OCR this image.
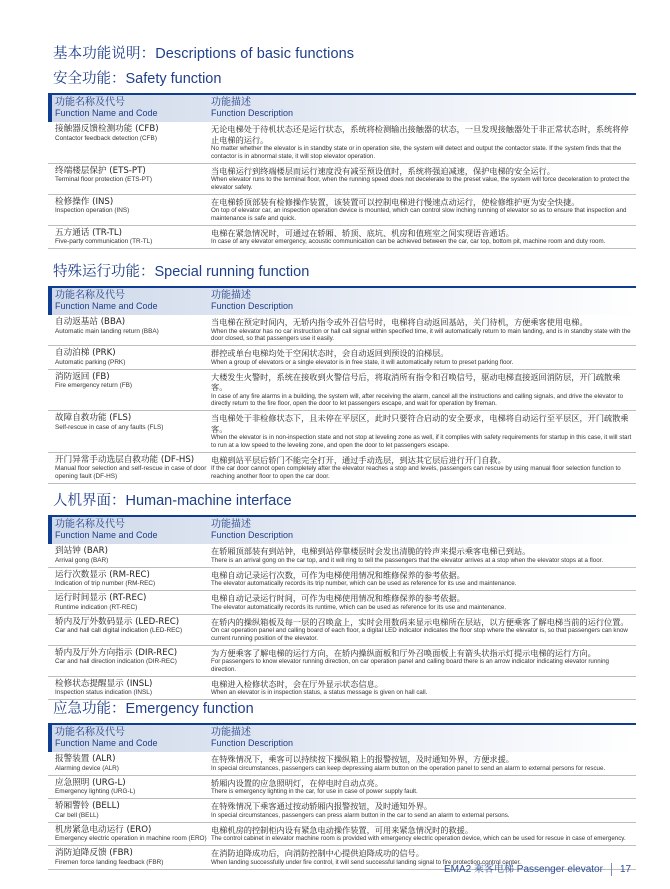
基本功能说明：Descriptions of basic functions
安全功能：Safety function
功能名称及代号
Function Name and Code
功能描述
Function Description
接触器反馈检测功能 (CFB)
Contactor feedback detection (CFB)
无论电梯处于待机状态还是运行状态，系统将检测输出接触器的状态，一旦发现接触器处于非正常状态时，系统将停止电梯的运行。
No matter whether the elevator is in standby state or in operation site, the system will detect and output the contactor state. If the system finds that the contactor is in abnormal state, it will stop elevator operation.
终端楼层保护 (ETS-PT)
Terminal floor protection (ETS-PT)
当电梯运行到终端楼层而运行速度没有减至预设值时，系统将强迫减速，保护电梯的安全运行。
When elevator runs to the terminal floor, when the running speed does not decelerate to the preset value, the system will force deceleration to protect the elevator safety.
检修操作 (INS)
Inspection operation (INS)
在电梯轿顶部装有检修操作装置，该装置可以控制电梯进行慢速点动运行，使检修维护更为安全快捷。
On top of elevator car, an inspection operation device is mounted, which can control slow inching running of elevator so as to ensure that inspection and maintenance is safe and quick.
五方通话 (TR-TL)
Five-party communication (TR-TL)
电梯在紧急情况时，可通过在轿厢、轿顶、底坑、机房和值班室之间实现语音通话。
In case of any elevator emergency, acoustic communication can be achieved between the car, car top, bottom pit, machine room and duty room.
特殊运行功能：Special running function
功能名称及代号
Function Name and Code
功能描述
Function Description
自动返基站 (BBA)
Automatic main landing return (BBA)
当电梯在预定时间内，无轿内指令或外召信号时，电梯将自动返回基站，关门待机，方便乘客使用电梯。
When the elevator has no car instruction or hall call signal within specified time, it will automatically return to main landing, and is in standby state with the door closed, so that passengers use it easily.
自动泊梯 (PRK)
Automatic parking (PRK)
群控或单台电梯均处于空闲状态时，会自动返回到预设的泊梯层。
When a group of elevators or a single elevator is in free state, it will automatically return to preset parking floor.
消防返回 (FB)
Fire emergency return (FB)
大楼发生火警时，系统在接收到火警信号后，将取消所有指令和召唤信号，驱动电梯直接返回消防层，开门疏散乘客。
In case of any fire alarms in a building, the system will, after receiving the alarm, cancel all the instructions and calling signals, and drive the elevator to directly return to the fire floor, open the door to let passengers escape, and wait for operation by fireman.
故障自救功能 (FLS)
Self-rescue in case of any faults (FLS)
当电梯处于非检修状态下，且未停在平层区，此时只要符合启动的安全要求，电梯将自动运行至平层区，开门疏散乘客。
When the elevator is in non-inspection state and not stop at leveling zone as well, if it complies with safety requirements for startup in this case, it will start to run at a low speed to the leveling zone, and open the door to let passengers escape.
开门异常手动选层自救功能 (DF-HS)
Manual floor selection and self-rescue in case of door opening fault (DF-HS)
电梯到站平层后轿门不能完全打开，通过手动选层，到达其它层后进行开门自救。
If the car door cannot open completely after the elevator reaches a stop and levels, passengers can rescue by using manual floor selection function to reaching another floor to open the car door.
人机界面：Human-machine interface
功能名称及代号
Function Name and Code
功能描述
Function Description
到站钟 (BAR)
Arrival gong (BAR)
在轿厢顶部装有到站钟，电梯到站停靠楼层时会发出清脆的铃声来提示乘客电梯已到站。
There is an arrival gong on the car top, and it will ring to tell the passengers that the elevator arrives at a stop when the elevator stops at a floor.
运行次数显示 (RM-REC)
Indication of trip number (RM-REC)
电梯自动记录运行次数，可作为电梯使用情况和维修保养的参考依据。
The elevator automatically records its trip number, which can be used as reference for its use and maintenance.
运行时间显示 (RT-REC)
Runtime indication (RT-REC)
电梯自动记录运行时间，可作为电梯使用情况和维修保养的参考依据。
The elevator automatically records its runtime, which can be used as reference for its use and maintenance.
轿内及厅外数码显示 (LED-REC)
Car and hall call digital indication (LED-REC)
在轿内的操纵箱板及每一层的召唤盒上，实时会用数码来显示电梯所在层站，以方便乘客了解电梯当前的运行位置。
On car operation panel and calling board of each floor, a digital LED indicator indicates the floor stop where the elevator is, so that passengers can know current running position of the elevator.
轿内及厅外方向指示 (DIR-REC)
Car and hall direction indication (DIR-REC)
为方便乘客了解电梯的运行方向，在轿内操纵面板和厅外召唤面板上有箭头状指示灯提示电梯的运行方向。
For passengers to know elevator running direction, on car operation panel and calling board there is an arrow indicator indicating elevator running direction.
检修状态提醒显示 (INSL)
Inspection status indication (INSL)
电梯进入检修状态时，会在厅外显示状态信息。
When an elevator is in inspection status, a status message is given on hall call.
应急功能：Emergency function
功能名称及代号
Function Name and Code
功能描述
Function Description
报警装置 (ALR)
Alarming device (ALR)
在特殊情况下，乘客可以持续按下操纵箱上的报警按钮，及时通知外界，方便求援。
In special circumstances, passengers can keep depressing alarm button on the operation panel to send an alarm to external persons for rescue.
应急照明 (URG-L)
Emergency lighting (URG-L)
轿厢内设置的应急照明灯，在停电时自动点亮。
There is emergency lighting in the car, for use in case of power supply fault.
轿厢警铃 (BELL)
Car bell (BELL)
在特殊情况下乘客通过按动轿厢内报警按钮，及时通知外界。
In special circumstances, passengers can press alarm button in the car to send an alarm to external persons.
机房紧急电动运行 (ERO)
Emergency electric operation in machine room (ERO)
电梯机房的控制柜内设有紧急电动操作装置，可用来紧急情况时的救援。
The control cabinet in elevator machine room is provided with emergency electric operation device, which can be used for rescue in case of emergency.
消防迫降反馈 (FBR)
Firemen force landing feedback (FBR)
在消防迫降成功后，向消防控制中心提供迫降成功的信号。
When landing successfully under fire control, it will send successful landing signal to fire protection control center.
EMA2 乘客电梯 Passenger elevator 17
